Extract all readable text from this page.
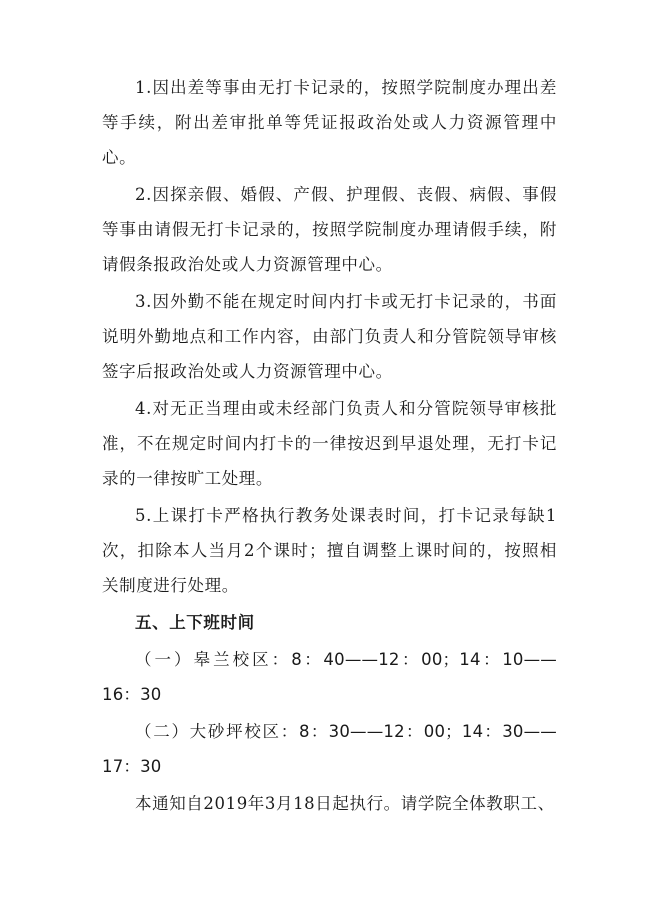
1.因出差等事由无打卡记录的，按照学院制度办理出差等手续，附出差审批单等凭证报政治处或人力资源管理中心。

2.因探亲假、婚假、产假、护理假、丧假、病假、事假等事由请假无打卡记录的，按照学院制度办理请假手续，附请假条报政治处或人力资源管理中心。

3.因外勤不能在规定时间内打卡或无打卡记录的，书面说明外勤地点和工作内容，由部门负责人和分管院领导审核签字后报政治处或人力资源管理中心。

4.对无正当理由或未经部门负责人和分管院领导审核批准，不在规定时间内打卡的一律按迟到早退处理，无打卡记录的一律按旷工处理。

5.上课打卡严格执行教务处课表时间，打卡记录每缺1次，扣除本人当月2个课时；擅自调整上课时间的，按照相关制度进行处理。

五、上下班时间

（一）皋兰校区：8：40——12：00；14：10——16：30

（二）大砂坪校区：8：30——12：00；14：30——17：30

本通知自2019年3月18日起执行。请学院全体教职工、
